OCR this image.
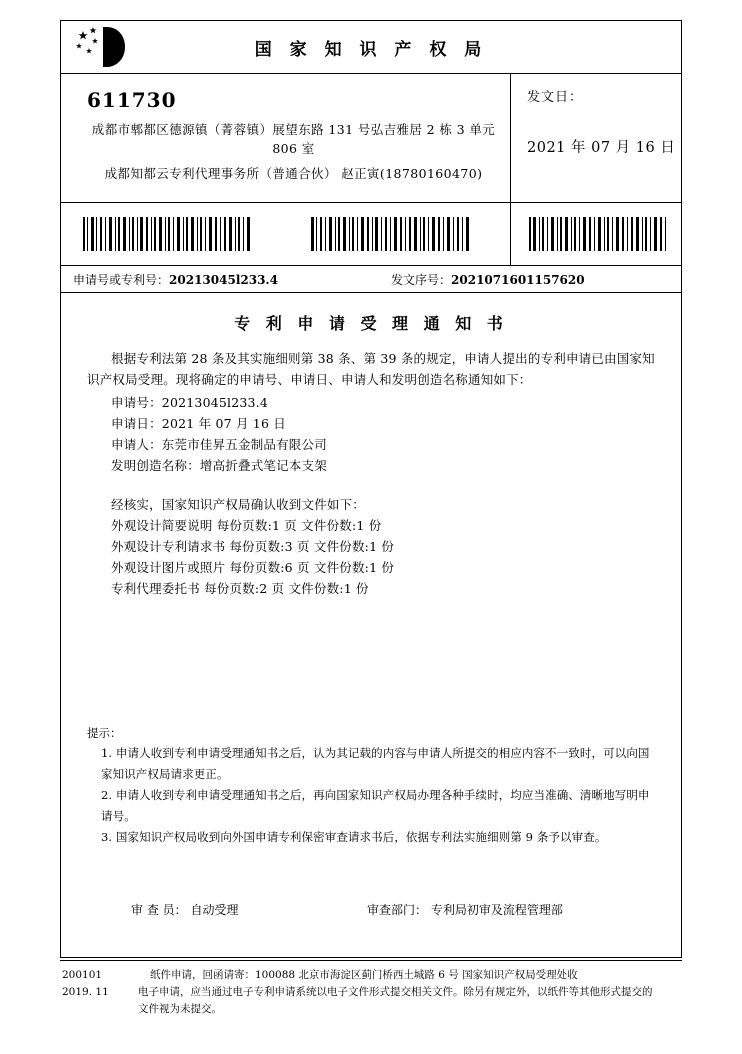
国 家 知 识 产 权 局
611730
成都市郫都区德源镇（菁蓉镇）展望东路 131 号弘吉雅居 2 栋 3 单元
806 室
成都知都云专利代理事务所（普通合伙） 赵正寅(18780160470)
发文日：
2021 年 07 月 16 日
申请号或专利号：20213045l233.4	发文序号：2021071601157620
专 利 申 请 受 理 通 知 书

根据专利法第 28 条及其实施细则第 38 条、第 39 条的规定，申请人提出的专利申请已由国家知识产权局受理。现将确定的申请号、申请日、申请人和发明创造名称通知如下：

申请号：20213045l233.4
申请日：2021 年 07 月 16 日
申请人：东莞市佳昇五金制品有限公司
发明创造名称：增高折叠式笔记本支架
经核实，国家知识产权局确认收到文件如下：
外观设计简要说明 每份页数:1 页 文件份数:1 份
外观设计专利请求书 每份页数:3 页 文件份数:1 份
外观设计图片或照片 每份页数:6 页 文件份数:1 份
专利代理委托书 每份页数:2 页 文件份数:1 份
提示：
1. 申请人收到专利申请受理通知书之后，认为其记载的内容与申请人所提交的相应内容不一致时，可以向国家知识产权局请求更正。
2. 申请人收到专利申请受理通知书之后，再向国家知识产权局办理各种手续时，均应当准确、清晰地写明申请号。
3. 国家知识产权局收到向外国申请专利保密审查请求书后，依据专利法实施细则第 9 条予以审查。
审 查 员： 自动受理	审查部门： 专利局初审及流程管理部
200101
2019. 11
纸件申请，回函请寄：100088 北京市海淀区蓟门桥西土城路 6 号 国家知识产权局受理处收
电子申请，应当通过电子专利申请系统以电子文件形式提交相关文件。除另有规定外，以纸件等其他形式提交的
文件视为未提交。
